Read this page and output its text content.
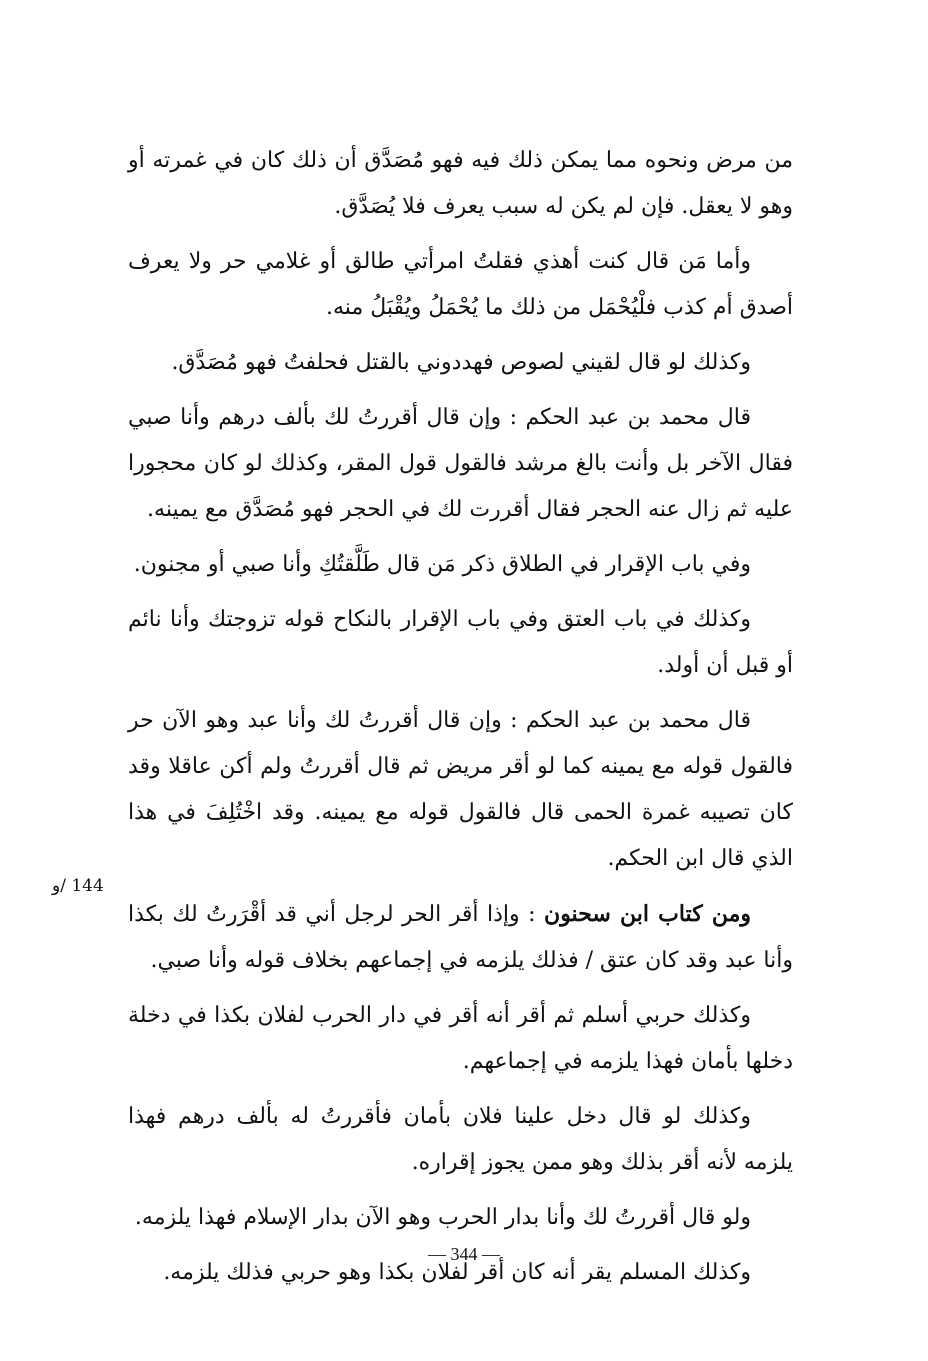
من مرض ونحوه مما يمكن ذلك فيه فهو مُصَدَّق أن ذلك كان في غمرته أو وهو لا يعقل. فإن لم يكن له سبب يعرف فلا يُصَدَّق.

وأما مَن قال كنت أهذي فقلتُ امرأتي طالق أو غلامي حر ولا يعرف أصدق أم كذب فلْيُحْمَل من ذلك ما يُحْمَلُ ويُقْبَلُ منه.

وكذلك لو قال لقيني لصوص فهددوني بالقتل فحلفتُ فهو مُصَدَّق.

قال محمد بن عبد الحكم : وإن قال أقررتُ لك بألف درهم وأنا صبي فقال الآخر بل وأنت بالغ مرشد فالقول قول المقر، وكذلك لو كان محجورا عليه ثم زال عنه الحجر فقال أقررت لك في الحجر فهو مُصَدَّق مع يمينه.

وفي باب الإقرار في الطلاق ذكر مَن قال طَلَّقتُكِ وأنا صبي أو مجنون.

وكذلك في باب العتق وفي باب الإقرار بالنكاح قوله تزوجتك وأنا نائم أو قبل أن أولد.

قال محمد بن عبد الحكم : وإن قال أقررتُ لك وأنا عبد وهو الآن حر فالقول قوله مع يمينه كما لو أقر مريض ثم قال أقررتُ ولم أكن عاقلا وقد كان تصيبه غمرة الحمى قال فالقول قوله مع يمينه. وقد اخْتُلِفَ في هذا الذي قال ابن الحكم.

ومن كتاب ابن سحنون : وإذا أقر الحر لرجل أني قد أقْرَرتُ لك بكذا وأنا عبد وقد كان عتق / فذلك يلزمه في إجماعهم بخلاف قوله وأنا صبي.

وكذلك حربي أسلم ثم أقر أنه أقر في دار الحرب لفلان بكذا في دخلة دخلها بأمان فهذا يلزمه في إجماعهم.

وكذلك لو قال دخل علينا فلان بأمان فأقررتُ له بألف درهم فهذا يلزمه لأنه أقر بذلك وهو ممن يجوز إقراره.

ولو قال أقررتُ لك وأنا بدار الحرب وهو الآن بدار الإسلام فهذا يلزمه.

وكذلك المسلم يقر أنه كان أقر لفلان بكذا وهو حربي فذلك يلزمه.

144 /و
— 344 —
